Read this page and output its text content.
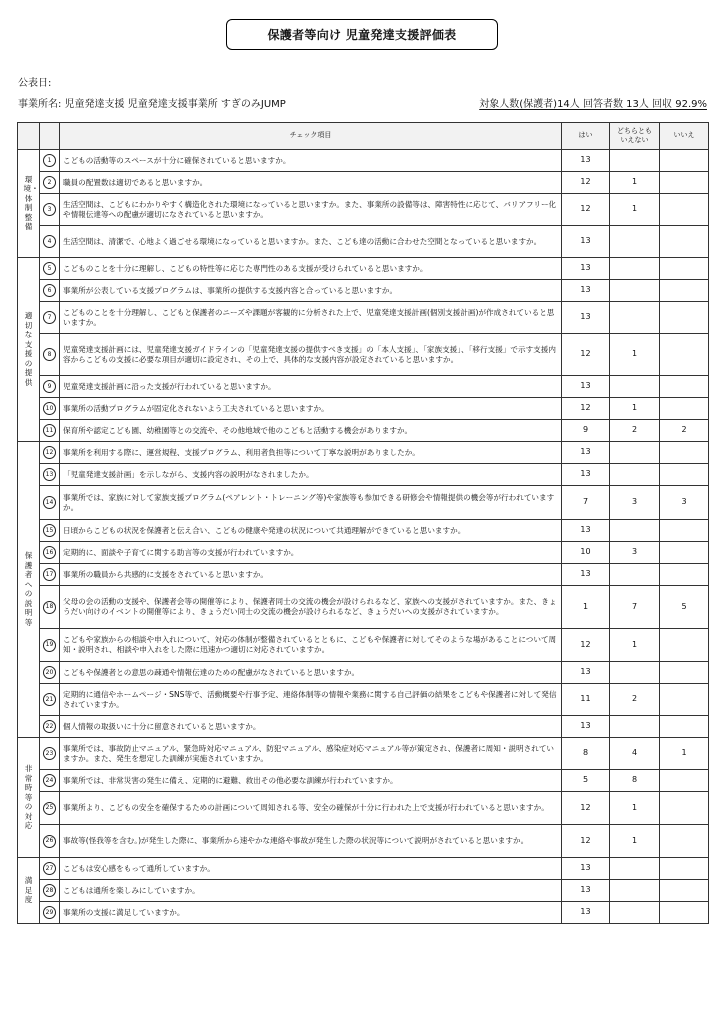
保護者等向け 児童発達支援評価表
公表日:
事業所名: 児童発達支援 児童発達支援事業所 すぎのみJUMP	対象人数(保護者)14人 回答者数 13人 回収 92.9%
		チェック項目	はい	どちらとも
いえない	いいえ
環境・体制整備	1	こどもの活動等のスペースが十分に確保されていると思いますか。	13		
	2	職員の配置数は適切であると思いますか。	12	1	
	3	生活空間は、こどもにわかりやすく構造化された環境になっていると思いますか。また、事業所の設備等は、障害特性に応じて、バリアフリー化や情報伝達等への配慮が適切になされていると思いますか。	12	1	
	4	生活空間は、清潔で、心地よく過ごせる環境になっていると思いますか。また、こども達の活動に合わせた空間となっていると思いますか。	13		
適切な支援の提供	5	こどものことを十分に理解し、こどもの特性等に応じた専門性のある支援が受けられていると思いますか。	13		
	6	事業所が公表している支援プログラムは、事業所の提供する支援内容と合っていると思いますか。	13		
	7	こどものことを十分理解し、こどもと保護者のニーズや課題が客観的に分析された上で、児童発達支援計画(個別支援計画)が作成されていると思いますか。	13		
	8	児童発達支援計画には、児童発達支援ガイドラインの「児童発達支援の提供すべき支援」の「本人支援」、「家族支援」、「移行支援」で示す支援内容からこどもの支援に必要な項目が適切に設定され、その上で、具体的な支援内容が設定されていると思いますか。	12	1	
	9	児童発達支援計画に沿った支援が行われていると思いますか。	13		
	10	事業所の活動プログラムが固定化されないよう工夫されていると思いますか。	12	1	
	11	保育所や認定こども園、幼稚園等との交流や、その他地域で他のこどもと活動する機会がありますか。	9	2	2
保護者への説明等	12	事業所を利用する際に、運営規程、支援プログラム、利用者負担等について丁寧な説明がありましたか。	13		
	13	「児童発達支援計画」を示しながら、支援内容の説明がなされましたか。	13		
	14	事業所では、家族に対して家族支援プログラム(ペアレント・トレーニング等)や家族等も参加できる研修会や情報提供の機会等が行われていますか。	7	3	3
	15	日頃からこどもの状況を保護者と伝え合い、こどもの健康や発達の状況について共通理解ができていると思いますか。	13		
	16	定期的に、面談や子育てに関する助言等の支援が行われていますか。	10	3	
	17	事業所の職員から共感的に支援をされていると思いますか。	13		
	18	父母の会の活動の支援や、保護者会等の開催等により、保護者同士の交流の機会が設けられるなど、家族への支援がされていますか。また、きょうだい向けのイベントの開催等により、きょうだい同士の交流の機会が設けられるなど、きょうだいへの支援がされていますか。	1	7	5
	19	こどもや家族からの相談や申入れについて、対応の体制が整備されているとともに、こどもや保護者に対してそのような場があることについて周知・説明され、相談や申入れをした際に迅速かつ適切に対応されていますか。	12	1	
	20	こどもや保護者との意思の疎通や情報伝達のための配慮がなされていると思いますか。	13		
	21	定期的に通信やホームページ・SNS等で、活動概要や行事予定、連絡体制等の情報や業務に関する自己評価の結果をこどもや保護者に対して発信されていますか。	11	2	
	22	個人情報の取扱いに十分に留意されていると思いますか。	13		
非常時等の対応	23	事業所では、事故防止マニュアル、緊急時対応マニュアル、防犯マニュアル、感染症対応マニュアル等が策定され、保護者に周知・説明されていますか。また、発生を想定した訓練が実施されていますか。	8	4	1
	24	事業所では、非常災害の発生に備え、定期的に避難、救出その他必要な訓練が行われていますか。	5	8	
	25	事業所より、こどもの安全を確保するための計画について周知される等、安全の確保が十分に行われた上で支援が行われていると思いますか。	12	1	
	26	事故等(怪我等を含む。)が発生した際に、事業所から速やかな連絡や事故が発生した際の状況等について説明がされていると思いますか。	12	1	
満足度	27	こどもは安心感をもって通所していますか。	13		
	28	こどもは通所を楽しみにしていますか。	13		
	29	事業所の支援に満足していますか。	13		
